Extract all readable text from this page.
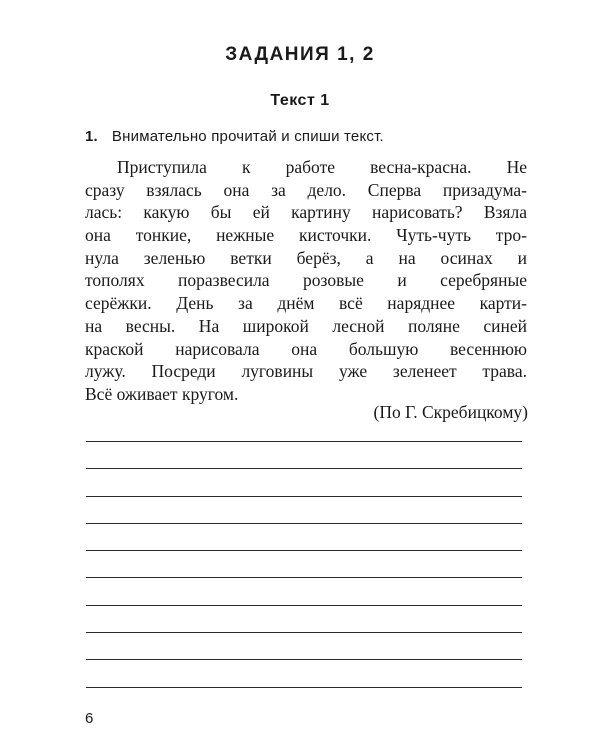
ЗАДАНИЯ 1, 2
Текст 1
1. Внимательно прочитай и спиши текст.
Приступила к работе весна-красна. Не
сразу взялась она за дело. Сперва призадума-
лась: какую бы ей картину нарисовать? Взяла
она тонкие, нежные кисточки. Чуть-чуть тро-
нула зеленью ветки берёз, а на осинах и
тополях поразвесила розовые и серебряные
серёжки. День за днём всё наряднее карти-
на весны. На широкой лесной поляне синей
краской нарисовала она большую весеннюю
лужу. Посреди луговины уже зеленеет трава.
Всё оживает кругом.
(По Г. Скребицкому)
6
